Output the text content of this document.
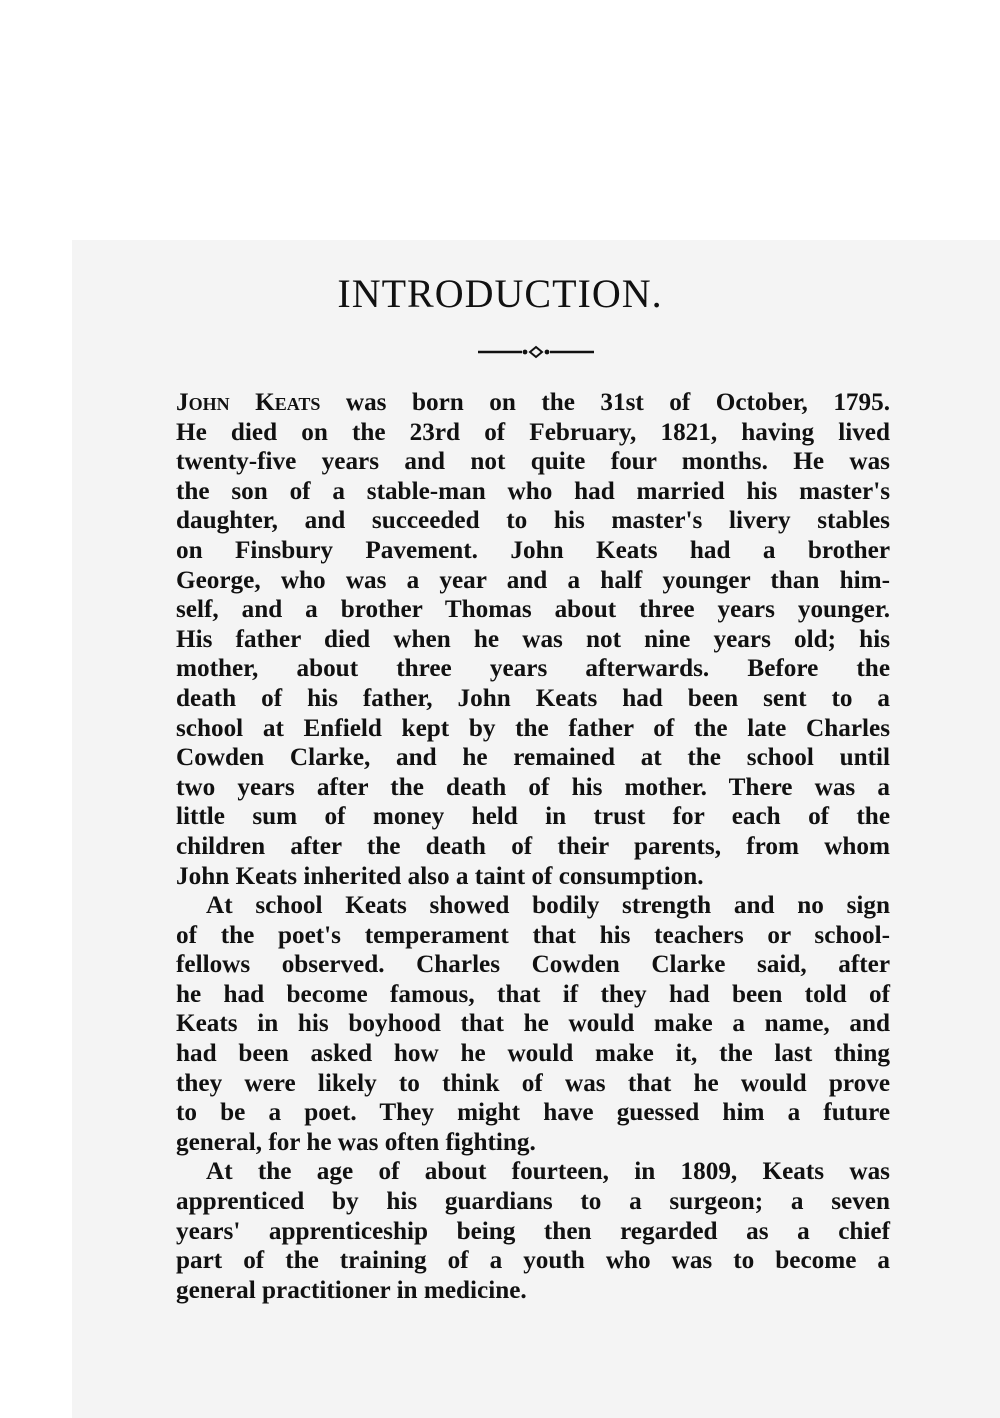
INTRODUCTION.
John Keats was born on the 31st of October, 1795.
He died on the 23rd of February, 1821, having lived
twenty-five years and not quite four months. He was
the son of a stable-man who had married his master's
daughter, and succeeded to his master's livery stables
on Finsbury Pavement. John Keats had a brother
George, who was a year and a half younger than him-
self, and a brother Thomas about three years younger.
His father died when he was not nine years old; his
mother, about three years afterwards. Before the
death of his father, John Keats had been sent to a
school at Enfield kept by the father of the late Charles
Cowden Clarke, and he remained at the school until
two years after the death of his mother. There was a
little sum of money held in trust for each of the
children after the death of their parents, from whom
John Keats inherited also a taint of consumption.
At school Keats showed bodily strength and no sign
of the poet's temperament that his teachers or school-
fellows observed. Charles Cowden Clarke said, after
he had become famous, that if they had been told of
Keats in his boyhood that he would make a name, and
had been asked how he would make it, the last thing
they were likely to think of was that he would prove
to be a poet. They might have guessed him a future
general, for he was often fighting.
At the age of about fourteen, in 1809, Keats was
apprenticed by his guardians to a surgeon; a seven
years' apprenticeship being then regarded as a chief
part of the training of a youth who was to become a
general practitioner in medicine.
